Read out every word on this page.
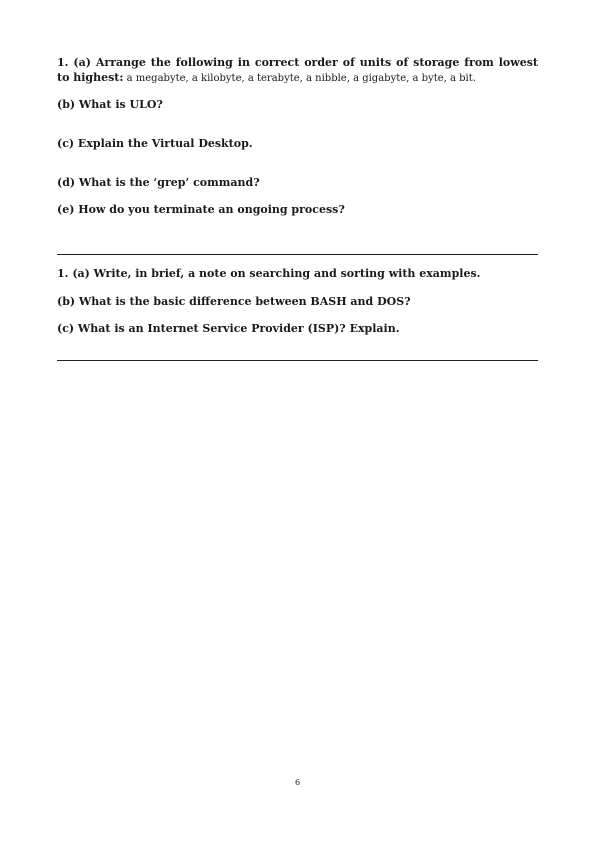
1. (a) Arrange the following in correct order of units of storage from lowest to highest: a megabyte, a kilobyte, a terabyte, a nibble, a gigabyte, a byte, a bit.
(b) What is ULO?
(c) Explain the Virtual Desktop.
(d) What is the ‘grep’ command?
(e) How do you terminate an ongoing process?
1. (a) Write, in brief, a note on searching and sorting with examples.
(b) What is the basic difference between BASH and DOS?
(c) What is an Internet Service Provider (ISP)? Explain.
6
